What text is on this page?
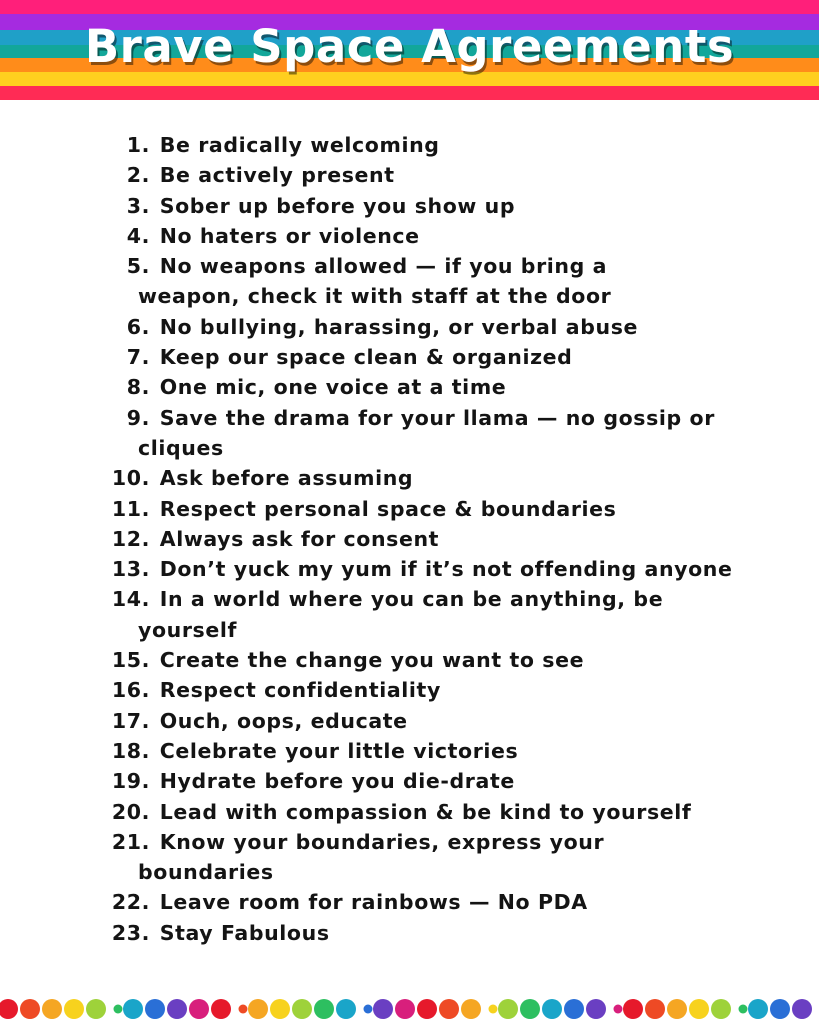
Brave Space Agreements
1. Be radically welcoming
2. Be actively present
3. Sober up before you show up
4. No haters or violence
5. No weapons allowed — if you bring a
weapon, check it with staff at the door
6. No bullying, harassing, or verbal abuse
7. Keep our space clean & organized
8. One mic, one voice at a time
9. Save the drama for your llama — no gossip or
cliques
10. Ask before assuming
11. Respect personal space & boundaries
12. Always ask for consent
13. Don’t yuck my yum if it’s not offending anyone
14. In a world where you can be anything, be
yourself
15. Create the change you want to see
16. Respect confidentiality
17. Ouch, oops, educate
18. Celebrate your little victories
19. Hydrate before you die-drate
20. Lead with compassion & be kind to yourself
21. Know your boundaries, express your
boundaries
22. Leave room for rainbows — No PDA
23. Stay Fabulous
